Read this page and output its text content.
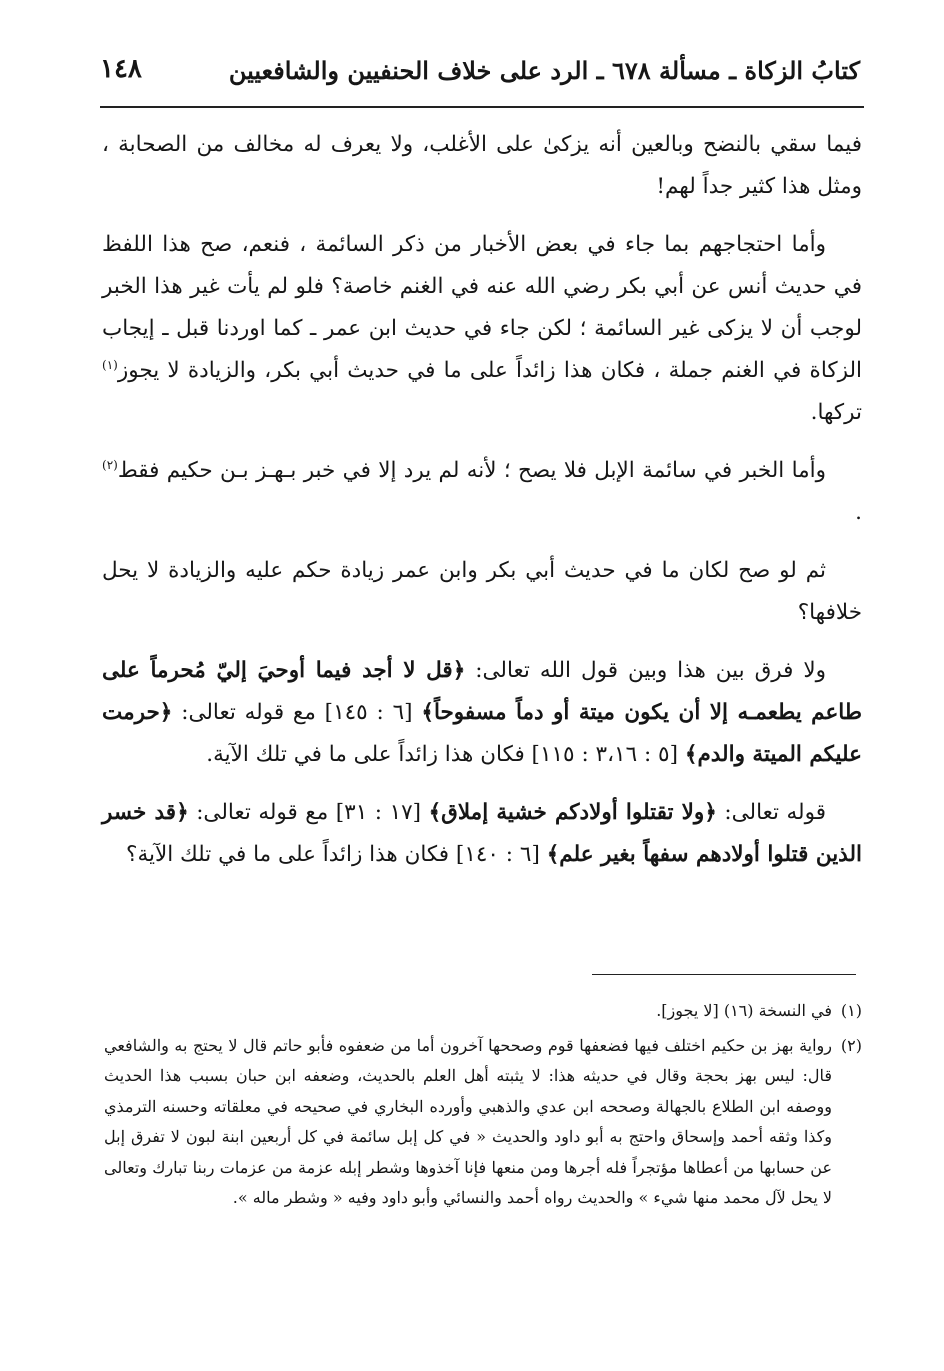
كتابُ الزكاة ـ مسألة ٦٧٨ ـ الرد على خلاف الحنفيين والشافعيين
١٤٨

فيما سقي بالنضح وبالعين أنه يزكىٰ على الأغلب، ولا يعرف له مخالف من الصحابة ، ومثل هذا كثير جداً لهم!

وأما احتجاجهم بما جاء في بعض الأخبار من ذكر السائمة ، فنعم، صح هذا اللفظ في حديث أنس عن أبي بكر رضي الله عنه في الغنم خاصة؟ فلو لم يأت غير هذا الخبر لوجب أن لا يزكى غير السائمة ؛ لكن جاء في حديث ابن عمر ـ كما اوردنا قبل ـ إيجاب الزكاة في الغنم جملة ، فكان هذا زائداً على ما في حديث أبي بكر، والزيادة لا يجوز$^{(١)}$ تركها.

وأما الخبر في سائمة الإبل فلا يصح ؛ لأنه لم يرد إلا في خبر بـهـز بـن حكيم فقط$^{(٢)}$ .

ثم لو صح لكان ما في حديث أبي بكر وابن عمر زيادة حكم عليه والزيادة لا يحل خلافها؟

ولا فرق بين هذا وبين قول الله تعالى: ﴿قل لا أجد فيما أوحيَ إليّ مُحرماً على طاعم يطعمـه إلا أن يكون ميتة أو دماً مسفوحاً﴾ [٦ : ١٤٥] مع قوله تعالى: ﴿حرمت عليكم الميتة والدم﴾ [٥ : ٣،١٦ : ١١٥] فكان هذا زائداً على ما في تلك الآية.

قوله تعالى: ﴿ولا تقتلوا أولادكم خشية إملاق﴾ [١٧ : ٣١] مع قوله تعالى: ﴿قد خسر الذين قتلوا أولادهم سفهاً بغير علم﴾ [٦ : ١٤٠] فكان هذا زائداً على ما في تلك الآية؟

(١)
في النسخة (١٦) [لا يجوز].

(٢)
رواية بهز بن حكيم اختلف فيها فضعفها قوم وصححها آخرون أما من ضعفوه فأبو حاتم قال لا يحتج به والشافعي قال: ليس بهز بحجة وقال في حديثه هذا: لا يثبته أهل العلم بالحديث، وضعفه ابن حبان بسبب هذا الحديث ووصفه ابن الطلاع بالجهالة وصححه ابن عدي والذهبي وأورده البخاري في صحيحه في معلقاته وحسنه الترمذي وكذا وثقه أحمد وإسحاق واحتج به أبو داود والحديث « في كل إبل سائمة في كل أربعين ابنة لبون لا تفرق إبل عن حسابها من أعطاها مؤتجراً فله أجرها ومن منعها فإنا آخذوها وشطر إبله عزمة من عزمات ربنا تبارك وتعالى لا يحل لآل محمد منها شيء » والحديث رواه أحمد والنسائي وأبو داود وفيه « وشطر ماله ».
